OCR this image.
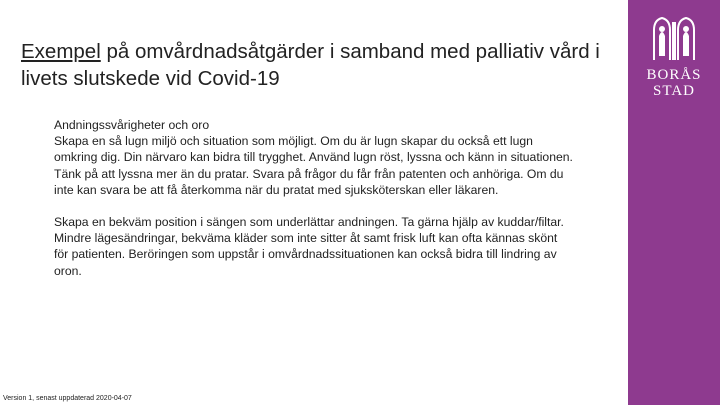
Exempel på omvårdnadsåtgärder i samband med palliativ vård i livets slutskede vid Covid-19

Andningssvårigheter och oro

Skapa en så lugn miljö och situation som möjligt. Om du är lugn skapar du också ett lugn omkring dig. Din närvaro kan bidra till trygghet. Använd lugn röst, lyssna och känn in situationen. Tänk på att lyssna mer än du pratar. Svara på frågor du får från patenten och anhöriga. Om du inte kan svara be att få återkomma när du pratat med sjuksköterskan eller läkaren.

Skapa en bekväm position i sängen som underlättar andningen. Ta gärna hjälp av kuddar/filtar. Mindre lägesändringar, bekväma kläder som inte sitter åt samt frisk luft kan ofta kännas skönt för patienten. Beröringen som uppstår i omvårdnadssituationen kan också bidra till lindring av oron.

Version 1, senast uppdaterad 2020-04-07
BORÅS
STAD
